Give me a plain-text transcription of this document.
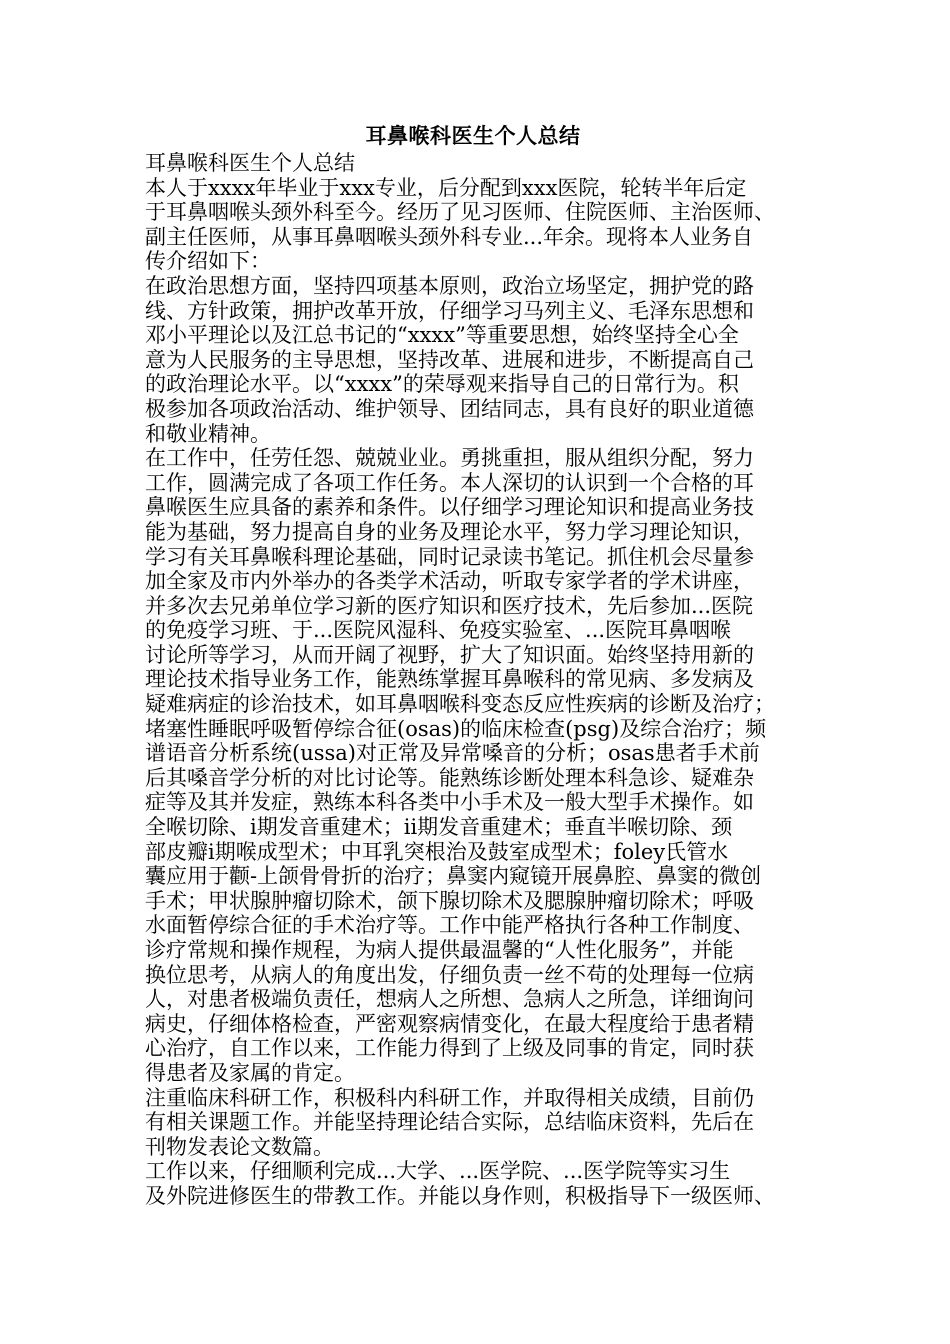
耳鼻喉科医生个人总结
耳鼻喉科医生个人总结
本人于xxxx年毕业于xxx专业，后分配到xxx医院，轮转半年后定
于耳鼻咽喉头颈外科至今。经历了见习医师、住院医师、主治医师、
副主任医师，从事耳鼻咽喉头颈外科专业...年余。现将本人业务自
传介绍如下：
在政治思想方面，坚持四项基本原则，政治立场坚定，拥护党的路
线、方针政策，拥护改革开放，仔细学习马列主义、毛泽东思想和
邓小平理论以及江总书记的“xxxx”等重要思想，始终坚持全心全
意为人民服务的主导思想，坚持改革、进展和进步，不断提高自己
的政治理论水平。以“xxxx”的荣辱观来指导自己的日常行为。积
极参加各项政治活动、维护领导、团结同志，具有良好的职业道德
和敬业精神。
在工作中，任劳任怨、兢兢业业。勇挑重担，服从组织分配，努力
工作，圆满完成了各项工作任务。本人深切的认识到一个合格的耳
鼻喉医生应具备的素养和条件。以仔细学习理论知识和提高业务技
能为基础，努力提高自身的业务及理论水平，努力学习理论知识，
学习有关耳鼻喉科理论基础，同时记录读书笔记。抓住机会尽量参
加全家及市内外举办的各类学术活动，听取专家学者的学术讲座，
并多次去兄弟单位学习新的医疗知识和医疗技术，先后参加...医院
的免疫学习班、于...医院风湿科、免疫实验室、...医院耳鼻咽喉
讨论所等学习，从而开阔了视野，扩大了知识面。始终坚持用新的
理论技术指导业务工作，能熟练掌握耳鼻喉科的常见病、多发病及
疑难病症的诊治技术，如耳鼻咽喉科变态反应性疾病的诊断及治疗；
堵塞性睡眠呼吸暂停综合征(osas)的临床检查(psg)及综合治疗；频
谱语音分析系统(ussa)对正常及异常嗓音的分析；osas患者手术前
后其嗓音学分析的对比讨论等。能熟练诊断处理本科急诊、疑难杂
症等及其并发症，熟练本科各类中小手术及一般大型手术操作。如
全喉切除、ⅰ期发音重建术；ⅱ期发音重建术；垂直半喉切除、颈
部皮瓣ⅰ期喉成型术；中耳乳突根治及鼓室成型术；foley氏管水
囊应用于颧-上颌骨骨折的治疗；鼻窦内窥镜开展鼻腔、鼻窦的微创
手术；甲状腺肿瘤切除术，颌下腺切除术及腮腺肿瘤切除术；呼吸
水面暂停综合征的手术治疗等。工作中能严格执行各种工作制度、
诊疗常规和操作规程，为病人提供最温馨的“人性化服务”，并能
换位思考，从病人的角度出发，仔细负责一丝不苟的处理每一位病
人，对患者极端负责任，想病人之所想、急病人之所急，详细询问
病史，仔细体格检查，严密观察病情变化，在最大程度给于患者精
心治疗，自工作以来，工作能力得到了上级及同事的肯定，同时获
得患者及家属的肯定。
注重临床科研工作，积极科内科研工作，并取得相关成绩，目前仍
有相关课题工作。并能坚持理论结合实际，总结临床资料，先后在
刊物发表论文数篇。
工作以来，仔细顺利完成...大学、...医学院、...医学院等实习生
及外院进修医生的带教工作。并能以身作则，积极指导下一级医师、
